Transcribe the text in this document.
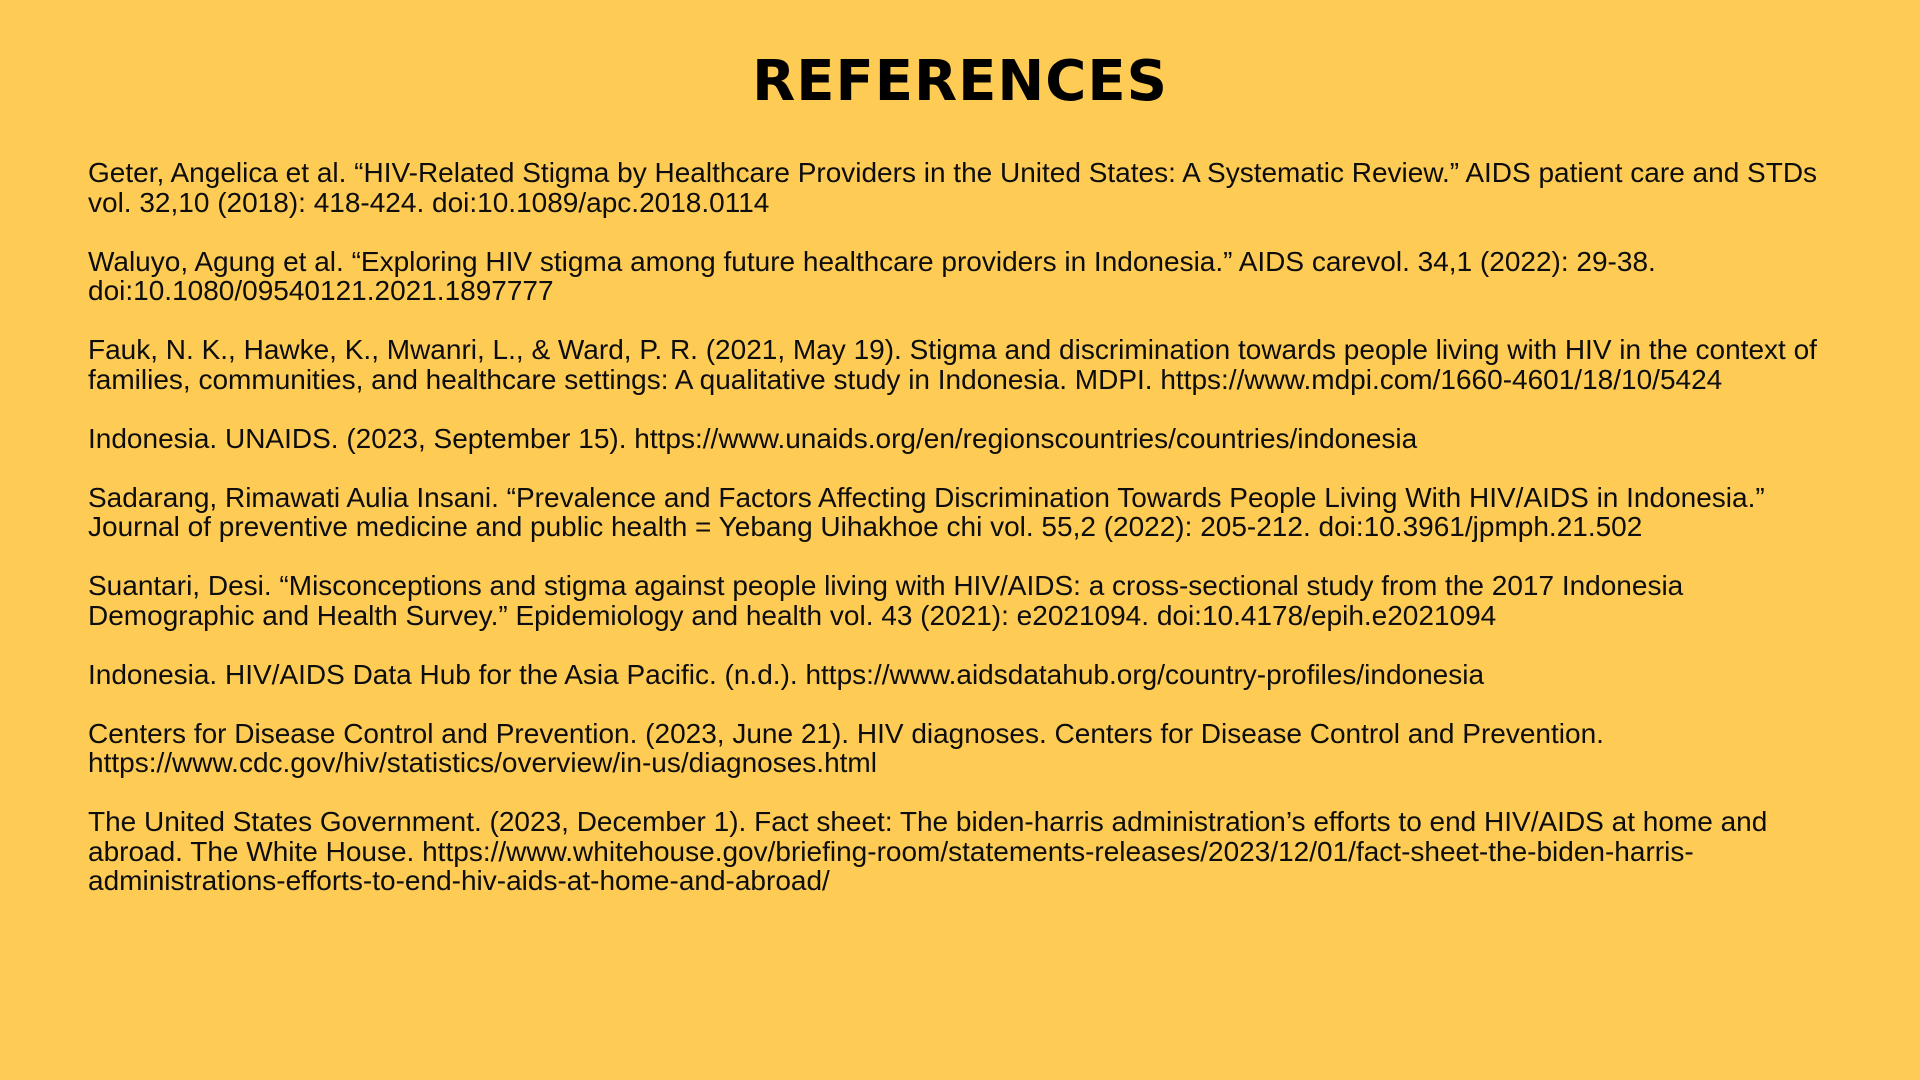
REFERENCES
Geter, Angelica et al. “HIV-Related Stigma by Healthcare Providers in the United States: A Systematic Review.” AIDS patient care and STDs vol. 32,10 (2018): 418-424. doi:10.1089/apc.2018.0114
Waluyo, Agung et al. “Exploring HIV stigma among future healthcare providers in Indonesia.” AIDS carevol. 34,1 (2022): 29-38. doi:10.1080/09540121.2021.1897777
Fauk, N. K., Hawke, K., Mwanri, L., & Ward, P. R. (2021, May 19). Stigma and discrimination towards people living with HIV in the context of families, communities, and healthcare settings: A qualitative study in Indonesia. MDPI. https://www.mdpi.com/1660-4601/18/10/5424
Indonesia. UNAIDS. (2023, September 15). https://www.unaids.org/en/regionscountries/countries/indonesia
Sadarang, Rimawati Aulia Insani. “Prevalence and Factors Affecting Discrimination Towards People Living With HIV/AIDS in Indonesia.” Journal of preventive medicine and public health = Yebang Uihakhoe chi vol. 55,2 (2022): 205-212. doi:10.3961/jpmph.21.502
Suantari, Desi. “Misconceptions and stigma against people living with HIV/AIDS: a cross-sectional study from the 2017 Indonesia Demographic and Health Survey.” Epidemiology and health vol. 43 (2021): e2021094. doi:10.4178/epih.e2021094
Indonesia. HIV/AIDS Data Hub for the Asia Pacific. (n.d.). https://www.aidsdatahub.org/country-profiles/indonesia
Centers for Disease Control and Prevention. (2023, June 21). HIV diagnoses. Centers for Disease Control and Prevention. https://www.cdc.gov/hiv/statistics/overview/in-us/diagnoses.html
The United States Government. (2023, December 1). Fact sheet: The biden-harris administration’s efforts to end HIV/AIDS at home and abroad. The White House. https://www.whitehouse.gov/briefing-room/statements-releases/2023/12/01/fact-sheet-the-biden-harris-administrations-efforts-to-end-hiv-aids-at-home-and-abroad/
